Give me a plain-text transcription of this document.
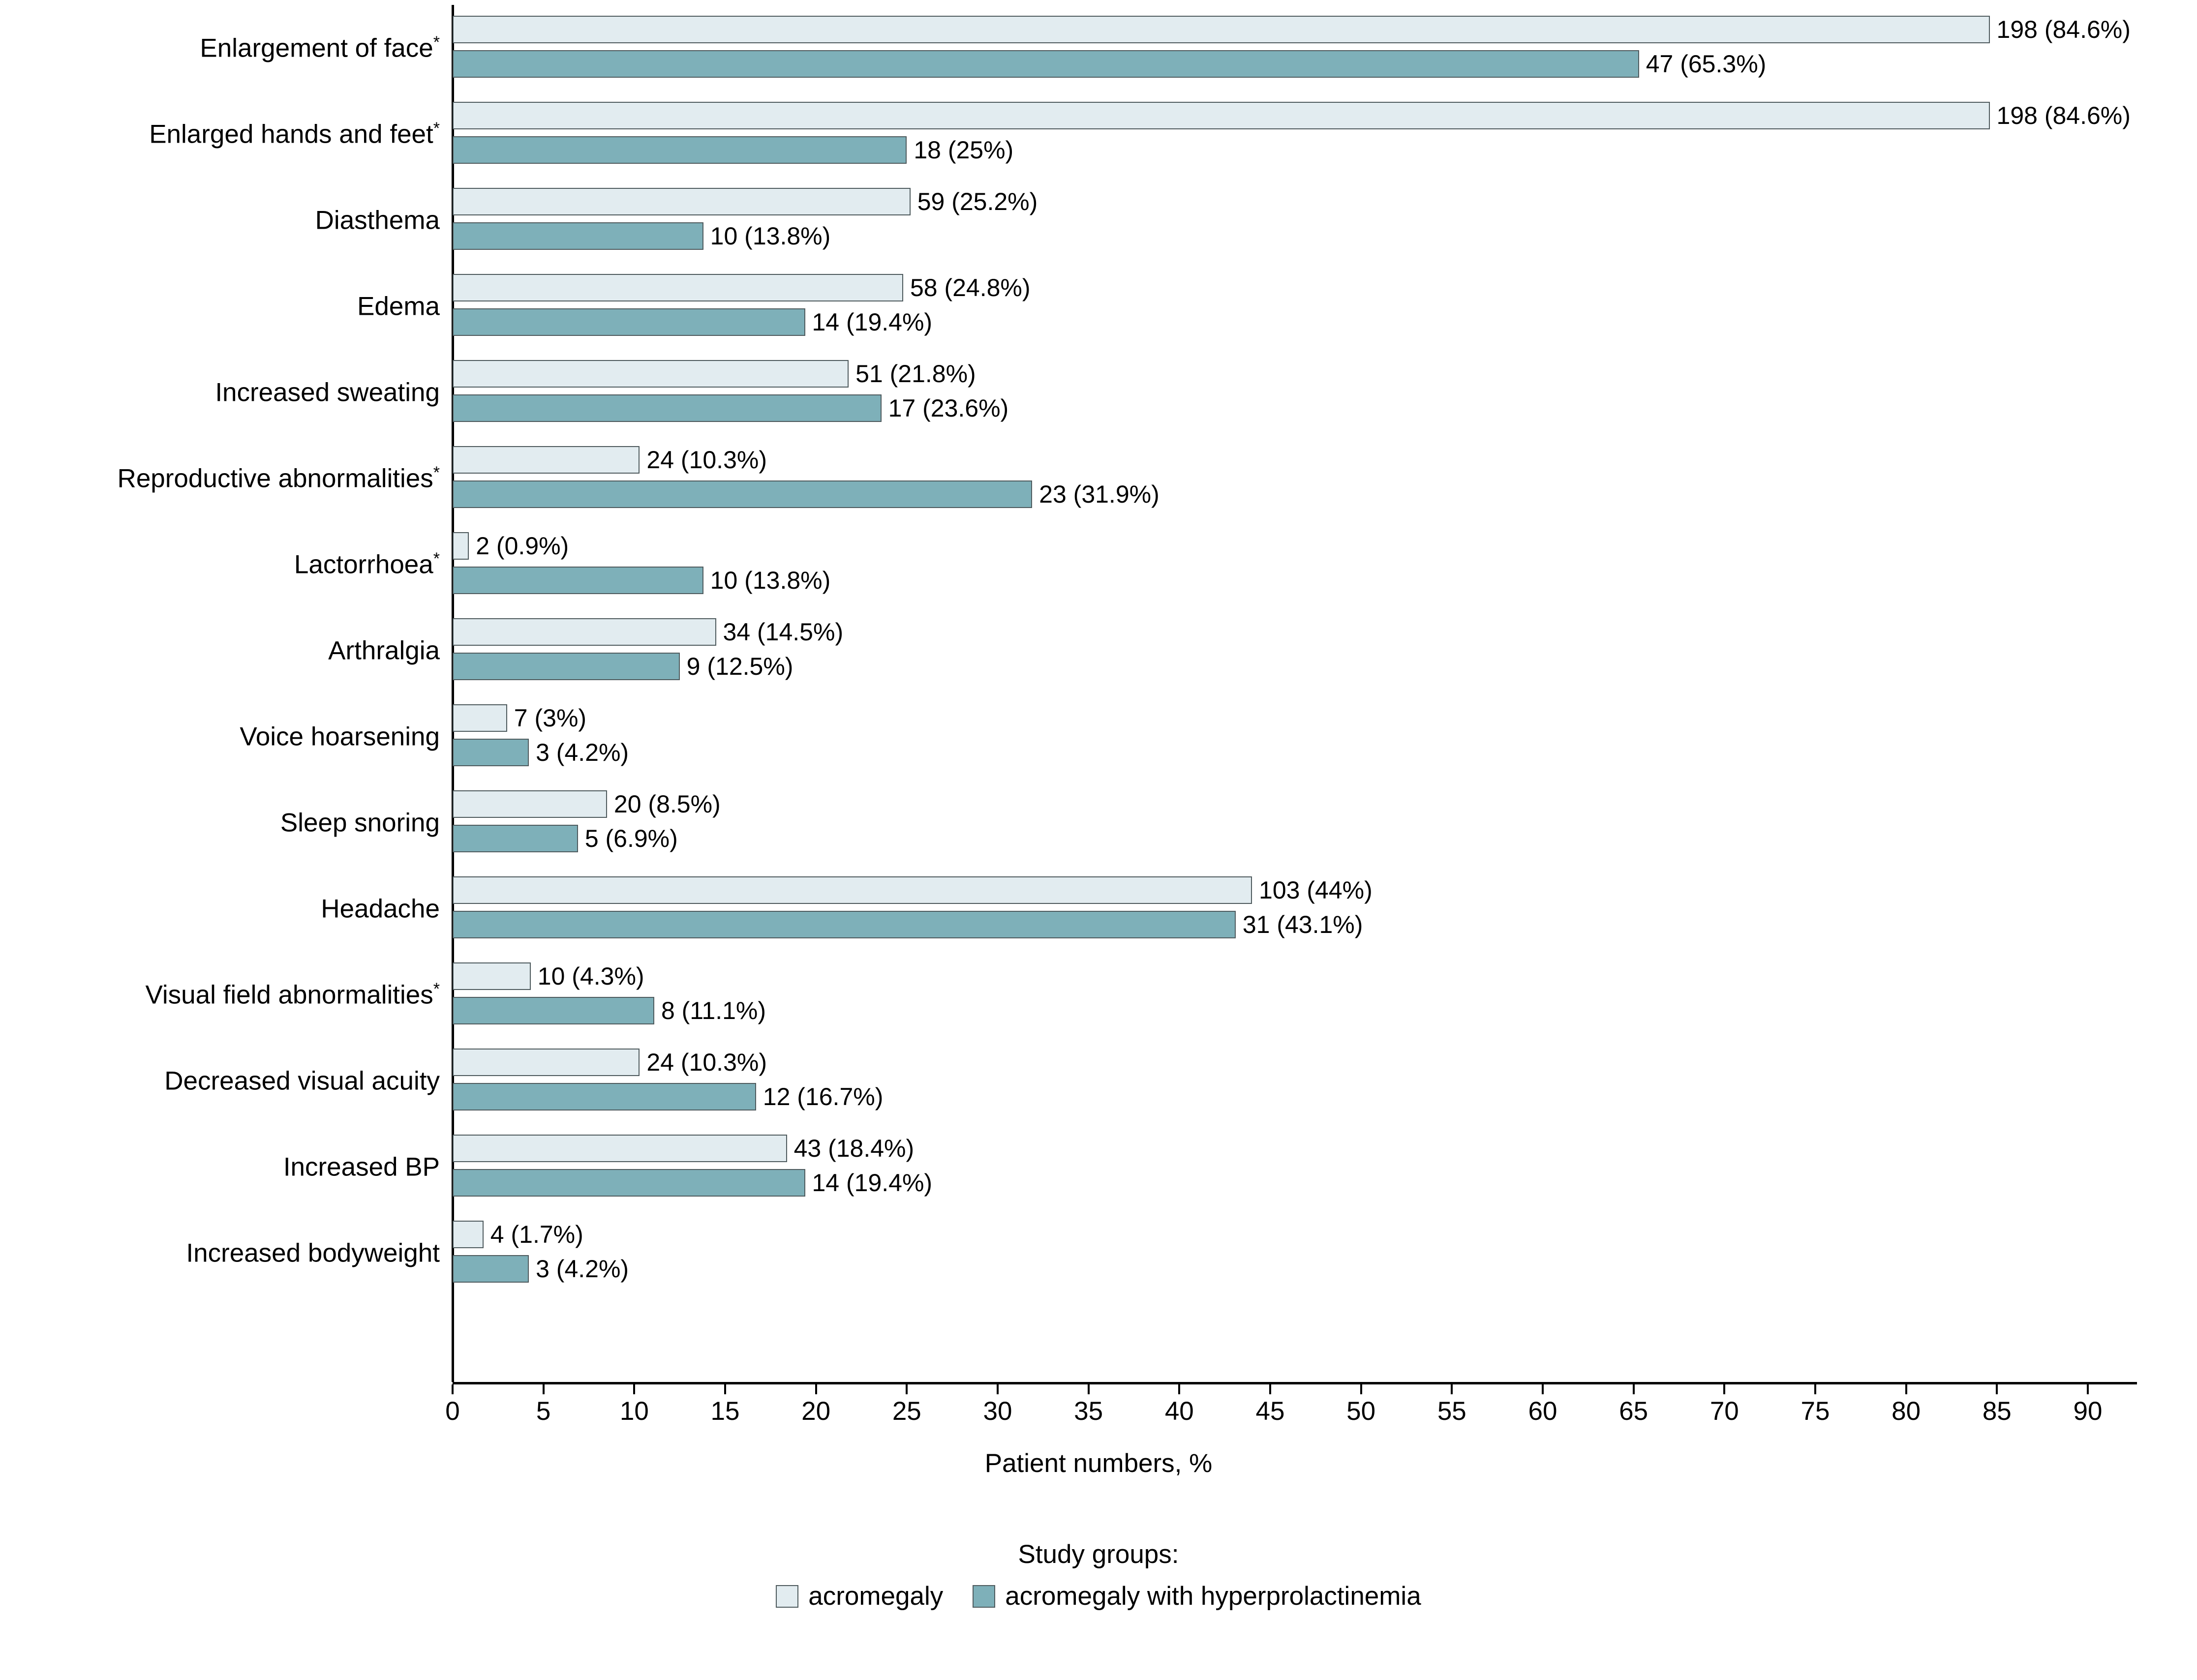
Enlargement of face*	198 (84.6%)
47 (65.3%)
Enlarged hands and feet*	198 (84.6%)
18 (25%)
Diasthema
59 (25.2%)
10 (13.8%)
Edema
58 (24.8%)
14 (19.4%)
Increased sweating
51 (21.8%)
17 (23.6%)
Reproductive abnormalities*	24 (10.3%)
23 (31.9%)
Lactorrhoea* 2 (0.9%)
10 (13.8%)
Arthralgia
34 (14.5%)
9 (12.5%)
Voice hoarsening
7 (3%)
3 (4.2%)
Sleep snoring
20 (8.5%)
5 (6.9%)
Headache
103 (44%)
31 (43.1%)
Visual field abnormalities*	10 (4.3%)
8 (11.1%)
Decreased visual acuity
24 (10.3%)
12 (16.7%)
Increased BP
43 (18.4%)
14 (19.4%)
Increased bodyweight
4 (1.7%)
3 (4.2%)
0	5	10 15 20 25 30 35 40 45 50 55 60 65 70 75 80 85 90
Patient numbers, %
Study groups:
acromegaly acromegaly with hyperprolactinemia
